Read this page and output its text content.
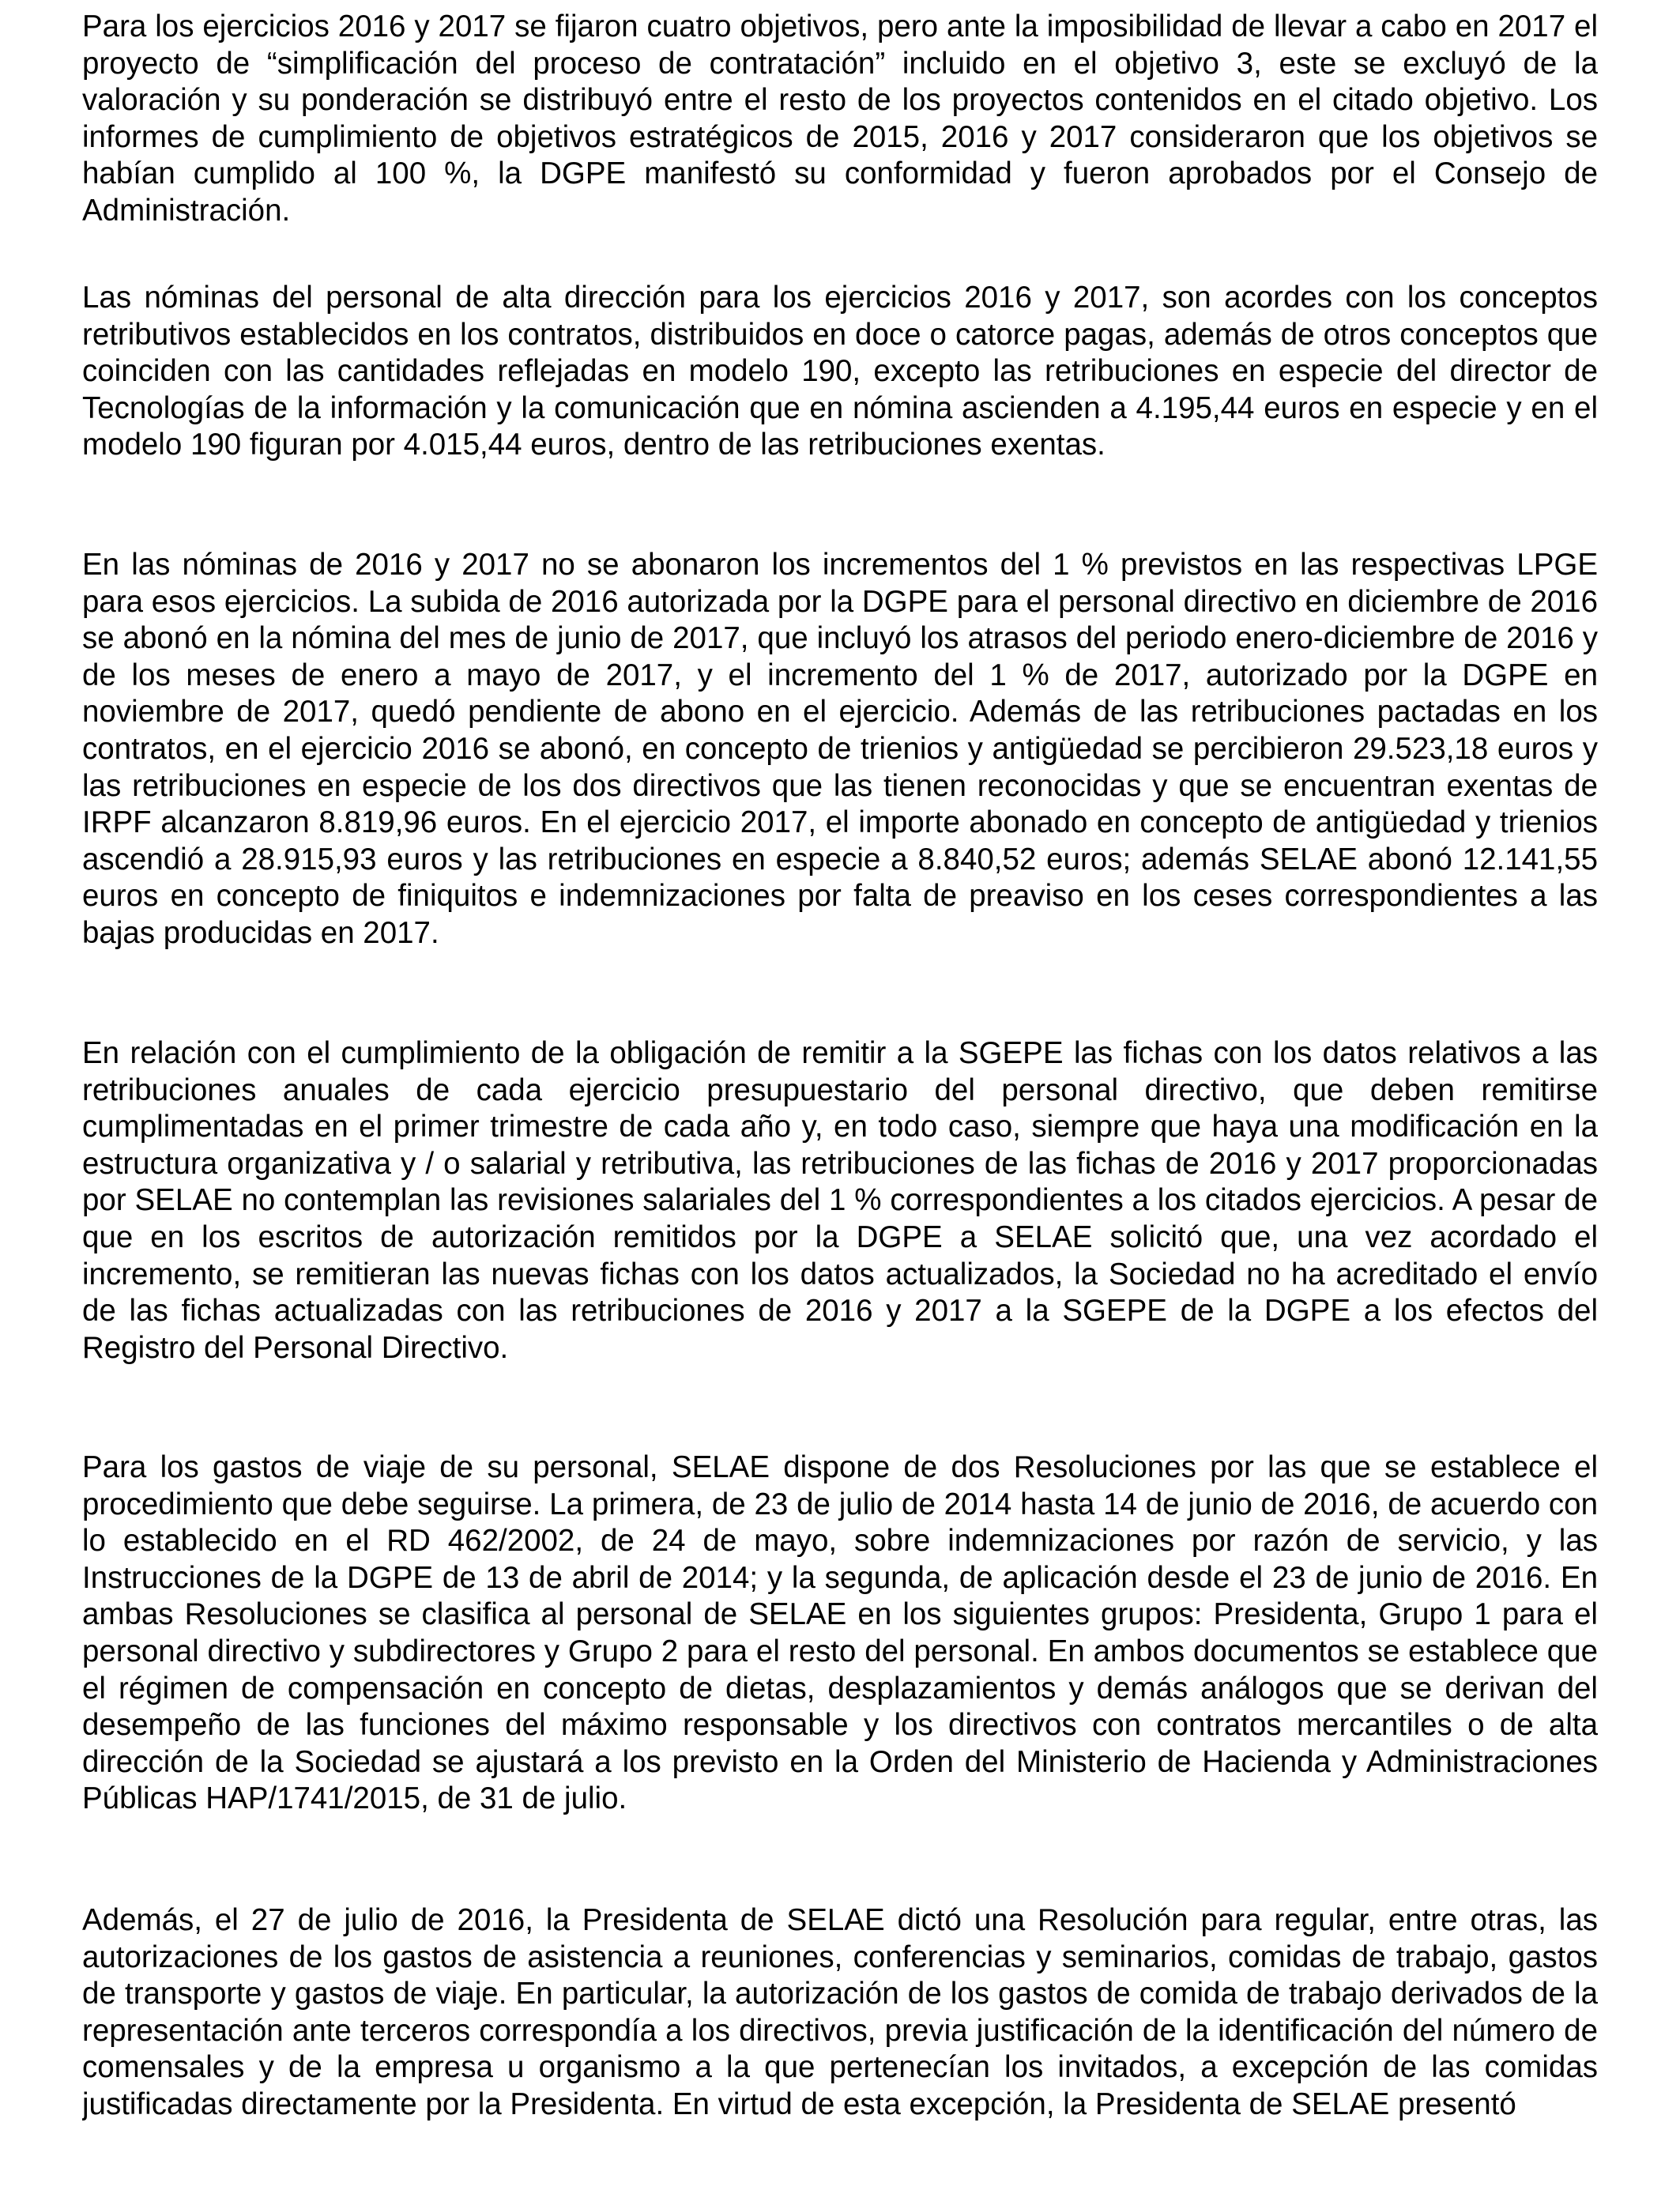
Para los ejercicios 2016 y 2017 se fijaron cuatro objetivos, pero ante la imposibilidad de llevar a cabo en 2017 el proyecto de “simplificación del proceso de contratación” incluido en el objetivo 3, este se excluyó de la valoración y su ponderación se distribuyó entre el resto de los proyectos contenidos en el citado objetivo. Los informes de cumplimiento de objetivos estratégicos de 2015, 2016 y 2017 consideraron que los objetivos se habían cumplido al 100 %, la DGPE manifestó su conformidad y fueron aprobados por el Consejo de Administración.

Las nóminas del personal de alta dirección para los ejercicios 2016 y 2017, son acordes con los conceptos retributivos establecidos en los contratos, distribuidos en doce o catorce pagas, además de otros conceptos que coinciden con las cantidades reflejadas en modelo 190, excepto las retribuciones en especie del director de Tecnologías de la información y la comunicación que en nómina ascienden a 4.195,44 euros en especie y en el modelo 190 figuran por 4.015,44 euros, dentro de las retribuciones exentas.

En las nóminas de 2016 y 2017 no se abonaron los incrementos del 1 % previstos en las respectivas LPGE para esos ejercicios. La subida de 2016 autorizada por la DGPE para el personal directivo en diciembre de 2016 se abonó en la nómina del mes de junio de 2017, que incluyó los atrasos del periodo enero-diciembre de 2016 y de los meses de enero a mayo de 2017, y el incremento del 1 % de 2017, autorizado por la DGPE en noviembre de 2017, quedó pendiente de abono en el ejercicio. Además de las retribuciones pactadas en los contratos, en el ejercicio 2016 se abonó, en concepto de trienios y antigüedad se percibieron 29.523,18 euros y las retribuciones en especie de los dos directivos que las tienen reconocidas y que se encuentran exentas de IRPF alcanzaron 8.819,96 euros. En el ejercicio 2017, el importe abonado en concepto de antigüedad y trienios ascendió a 28.915,93 euros y las retribuciones en especie a 8.840,52 euros; además SELAE abonó 12.141,55 euros en concepto de finiquitos e indemnizaciones por falta de preaviso en los ceses correspondientes a las bajas producidas en 2017.

En relación con el cumplimiento de la obligación de remitir a la SGEPE las fichas con los datos relativos a las retribuciones anuales de cada ejercicio presupuestario del personal directivo, que deben remitirse cumplimentadas en el primer trimestre de cada año y, en todo caso, siempre que haya una modificación en la estructura organizativa y / o salarial y retributiva, las retribuciones de las fichas de 2016 y 2017 proporcionadas por SELAE no contemplan las revisiones salariales del 1 % correspondientes a los citados ejercicios. A pesar de que en los escritos de autorización remitidos por la DGPE a SELAE solicitó que, una vez acordado el incremento, se remitieran las nuevas fichas con los datos actualizados, la Sociedad no ha acreditado el envío de las fichas actualizadas con las retribuciones de 2016 y 2017 a la SGEPE de la DGPE a los efectos del Registro del Personal Directivo.

Para los gastos de viaje de su personal, SELAE dispone de dos Resoluciones por las que se establece el procedimiento que debe seguirse. La primera, de 23 de julio de 2014 hasta 14 de junio de 2016, de acuerdo con lo establecido en el RD 462/2002, de 24 de mayo, sobre indemnizaciones por razón de servicio, y las Instrucciones de la DGPE de 13 de abril de 2014; y la segunda, de aplicación desde el 23 de junio de 2016. En ambas Resoluciones se clasifica al personal de SELAE en los siguientes grupos: Presidenta, Grupo 1 para el personal directivo y subdirectores y Grupo 2 para el resto del personal. En ambos documentos se establece que el régimen de compensación en concepto de dietas, desplazamientos y demás análogos que se derivan del desempeño de las funciones del máximo responsable y los directivos con contratos mercantiles o de alta dirección de la Sociedad se ajustará a los previsto en la Orden del Ministerio de Hacienda y Administraciones Públicas HAP/1741/2015, de 31 de julio.

Además, el 27 de julio de 2016, la Presidenta de SELAE dictó una Resolución para regular, entre otras, las autorizaciones de los gastos de asistencia a reuniones, conferencias y seminarios, comidas de trabajo, gastos de transporte y gastos de viaje. En particular, la autorización de los gastos de comida de trabajo derivados de la representación ante terceros correspondía a los directivos, previa justificación de la identificación del número de comensales y de la empresa u organismo a la que pertenecían los invitados, a excepción de las comidas justificadas directamente por la Presidenta. En virtud de esta excepción, la Presidenta de SELAE presentó
